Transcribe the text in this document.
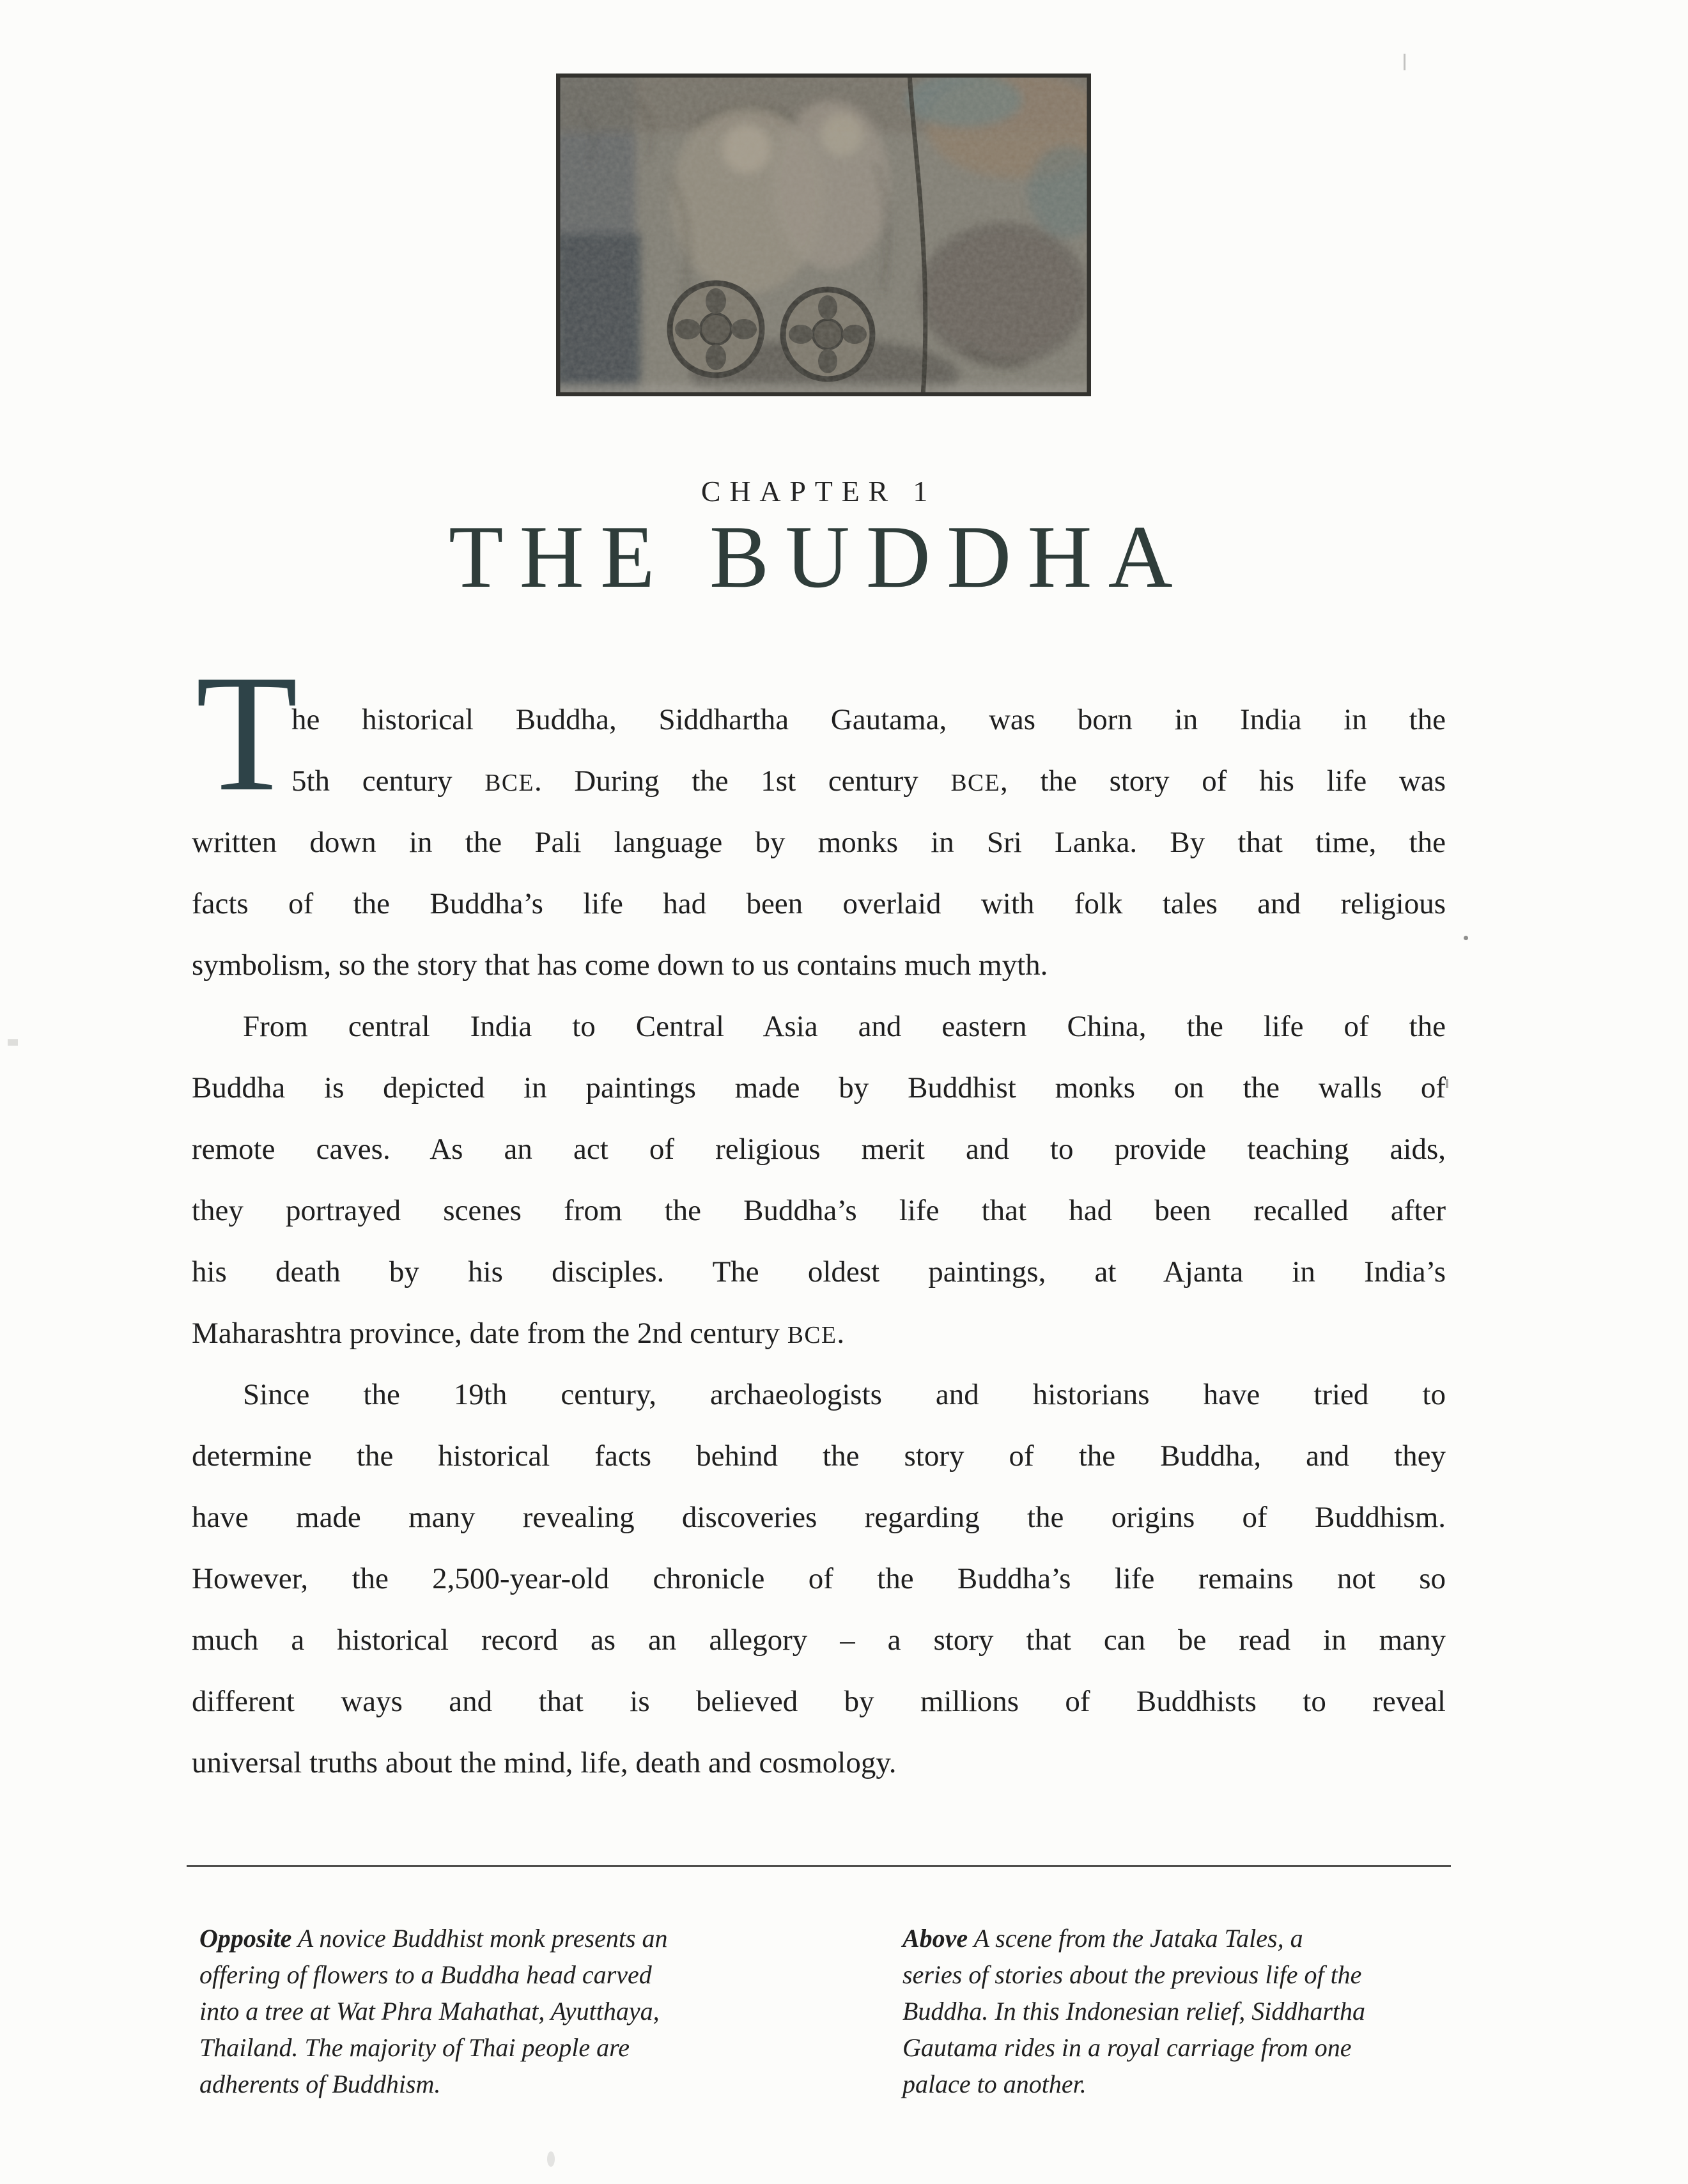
CHAPTER 1
THE BUDDHA
T
he historical Buddha, Siddhartha Gautama, was born in India in the
5th century BCE. During the 1st century BCE, the story of his life was
written down in the Pali language by monks in Sri Lanka. By that time, the
facts of the Buddha’s life had been overlaid with folk tales and religious
symbolism, so the story that has come down to us contains much myth.
From central India to Central Asia and eastern China, the life of the
Buddha is depicted in paintings made by Buddhist monks on the walls of
remote caves. As an act of religious merit and to provide teaching aids,
they portrayed scenes from the Buddha’s life that had been recalled after
his death by his disciples. The oldest paintings, at Ajanta in India’s
Maharashtra province, date from the 2nd century BCE.
Since the 19th century, archaeologists and historians have tried to
determine the historical facts behind the story of the Buddha, and they
have made many revealing discoveries regarding the origins of Buddhism.
However, the 2,500-year-old chronicle of the Buddha’s life remains not so
much a historical record as an allegory – a story that can be read in many
different ways and that is believed by millions of Buddhists to reveal
universal truths about the mind, life, death and cosmology.
Opposite A novice Buddhist monk presents an
offering of flowers to a Buddha head carved
into a tree at Wat Phra Mahathat, Ayutthaya,
Thailand. The majority of Thai people are
adherents of Buddhism.
Above A scene from the Jataka Tales, a
series of stories about the previous life of the
Buddha. In this Indonesian relief, Siddhartha
Gautama rides in a royal carriage from one
palace to another.
